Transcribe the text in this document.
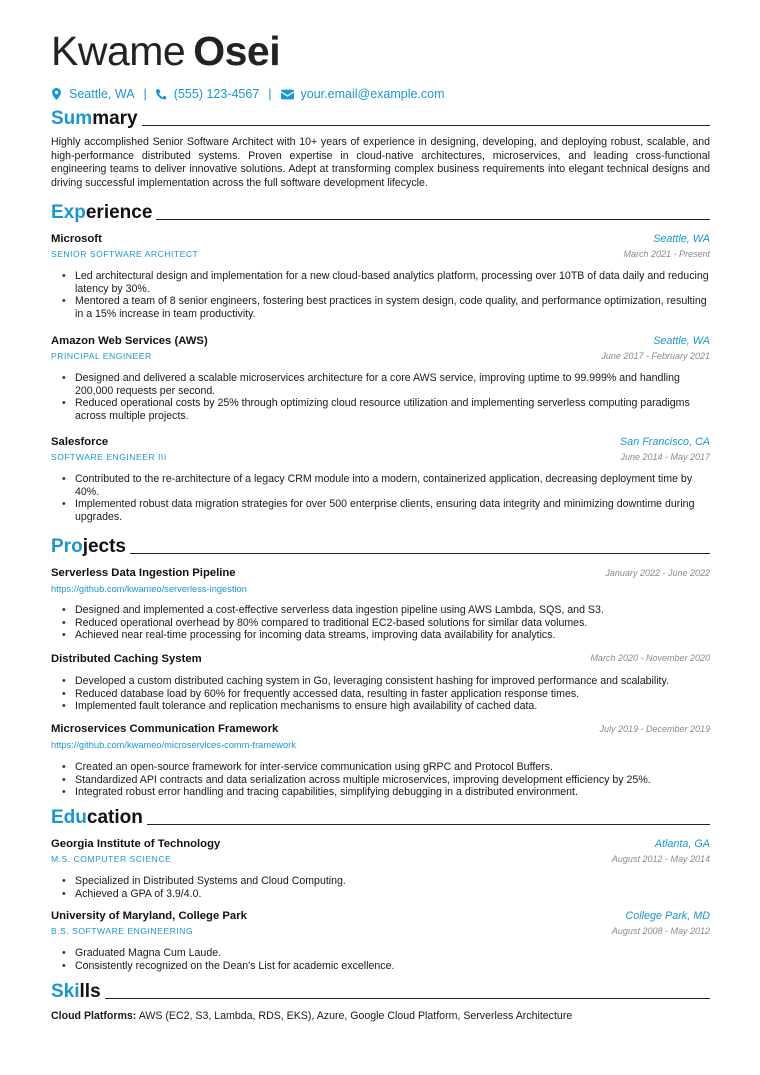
Kwame Osei
Seattle, WA | (555) 123-4567 | your.email@example.com
Summary
Highly accomplished Senior Software Architect with 10+ years of experience in designing, developing, and deploying robust, scalable, and high-performance distributed systems. Proven expertise in cloud-native architectures, microservices, and leading cross-functional engineering teams to deliver innovative solutions. Adept at transforming complex business requirements into elegant technical designs and driving successful implementation across the full software development lifecycle.
Experience
Microsoft	Seattle, WA
SENIOR SOFTWARE ARCHITECT	March 2021 - Present
• Led architectural design and implementation for a new cloud-based analytics platform, processing over 10TB of data daily and reducing latency by 30%.
• Mentored a team of 8 senior engineers, fostering best practices in system design, code quality, and performance optimization, resulting in a 15% increase in team productivity.
Amazon Web Services (AWS)	Seattle, WA
PRINCIPAL ENGINEER	June 2017 - February 2021
• Designed and delivered a scalable microservices architecture for a core AWS service, improving uptime to 99.999% and handling 200,000 requests per second.
• Reduced operational costs by 25% through optimizing cloud resource utilization and implementing serverless computing paradigms across multiple projects.
Salesforce	San Francisco, CA
SOFTWARE ENGINEER III	June 2014 - May 2017
• Contributed to the re-architecture of a legacy CRM module into a modern, containerized application, decreasing deployment time by 40%.
• Implemented robust data migration strategies for over 500 enterprise clients, ensuring data integrity and minimizing downtime during upgrades.
Projects
Serverless Data Ingestion Pipeline	January 2022 - June 2022
https://github.com/kwameo/serverless-ingestion
• Designed and implemented a cost-effective serverless data ingestion pipeline using AWS Lambda, SQS, and S3.
• Reduced operational overhead by 80% compared to traditional EC2-based solutions for similar data volumes.
• Achieved near real-time processing for incoming data streams, improving data availability for analytics.
Distributed Caching System	March 2020 - November 2020
• Developed a custom distributed caching system in Go, leveraging consistent hashing for improved performance and scalability.
• Reduced database load by 60% for frequently accessed data, resulting in faster application response times.
• Implemented fault tolerance and replication mechanisms to ensure high availability of cached data.
Microservices Communication Framework	July 2019 - December 2019
https://github.com/kwameo/microservices-comm-framework
• Created an open-source framework for inter-service communication using gRPC and Protocol Buffers.
• Standardized API contracts and data serialization across multiple microservices, improving development efficiency by 25%.
• Integrated robust error handling and tracing capabilities, simplifying debugging in a distributed environment.
Education
Georgia Institute of Technology	Atlanta, GA
M.S. COMPUTER SCIENCE	August 2012 - May 2014
• Specialized in Distributed Systems and Cloud Computing.
• Achieved a GPA of 3.9/4.0.
University of Maryland, College Park	College Park, MD
B.S. SOFTWARE ENGINEERING	August 2008 - May 2012
• Graduated Magna Cum Laude.
• Consistently recognized on the Dean's List for academic excellence.
Skills
Cloud Platforms: AWS (EC2, S3, Lambda, RDS, EKS), Azure, Google Cloud Platform, Serverless Architecture
